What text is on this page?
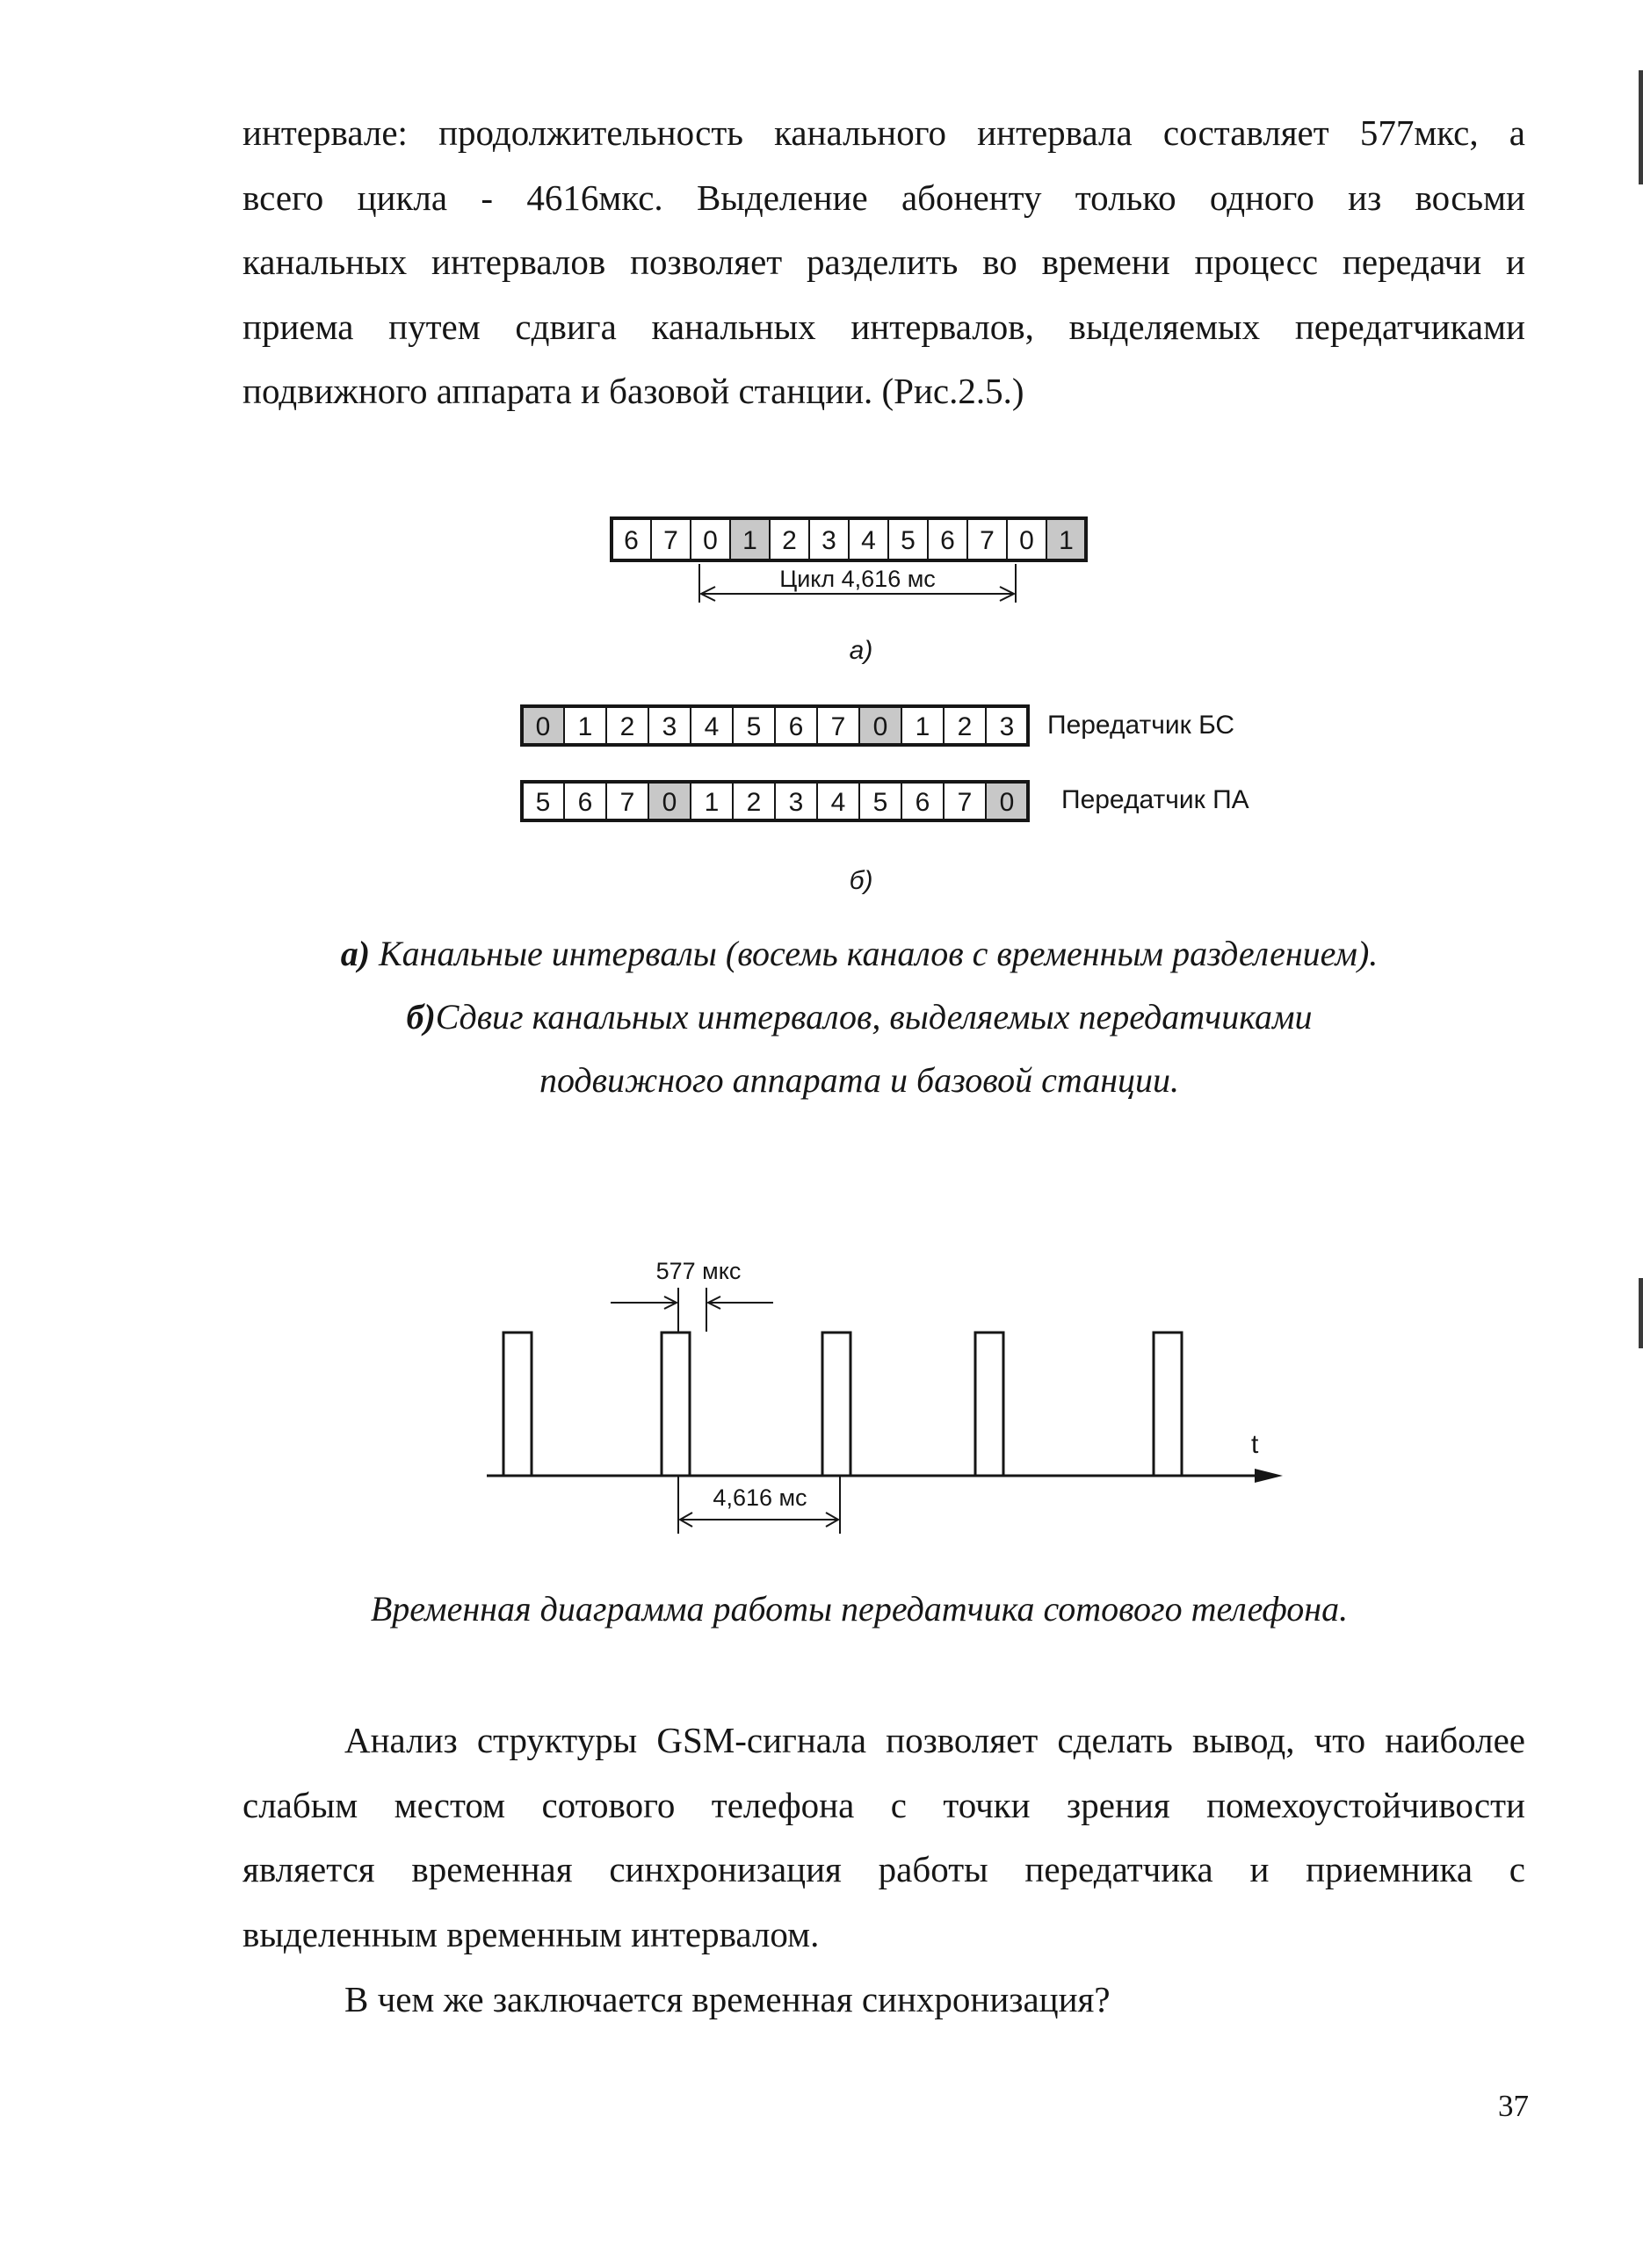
интервале: продолжительность канального интервала составляет 577мкс, а
всего цикла - 4616мкс. Выделение абоненту только одного из восьми
канальных интервалов позволяет разделить во времени процесс передачи и
приема путем сдвига канальных интервалов, выделяемых передатчиками
подвижного аппарата и базовой станции. (Рис.2.5.)
6 7 0 1 2 3 4 5 6 7 0 1
Цикл 4,616 мс
а)
0 1 2 3 4 5 6 7 0 1 2 3
5 6 7 0 1 2 3 4 5 6 7 0
Передатчик БС
Передатчик ПА
б)
а) Канальные интервалы (восемь каналов с временным разделением).
б)Сдвиг канальных интервалов, выделяемых передатчиками
подвижного аппарата и базовой станции.
577 мкс
t
4,616 мс
Временная диаграмма работы передатчика сотового телефона.
Анализ структуры GSM-сигнала позволяет сделать вывод, что наиболее
слабым местом сотового телефона с точки зрения помехоустойчивости
является временная синхронизация работы передатчика и приемника с
выделенным временным интервалом.
В чем же заключается временная синхронизация?
37
